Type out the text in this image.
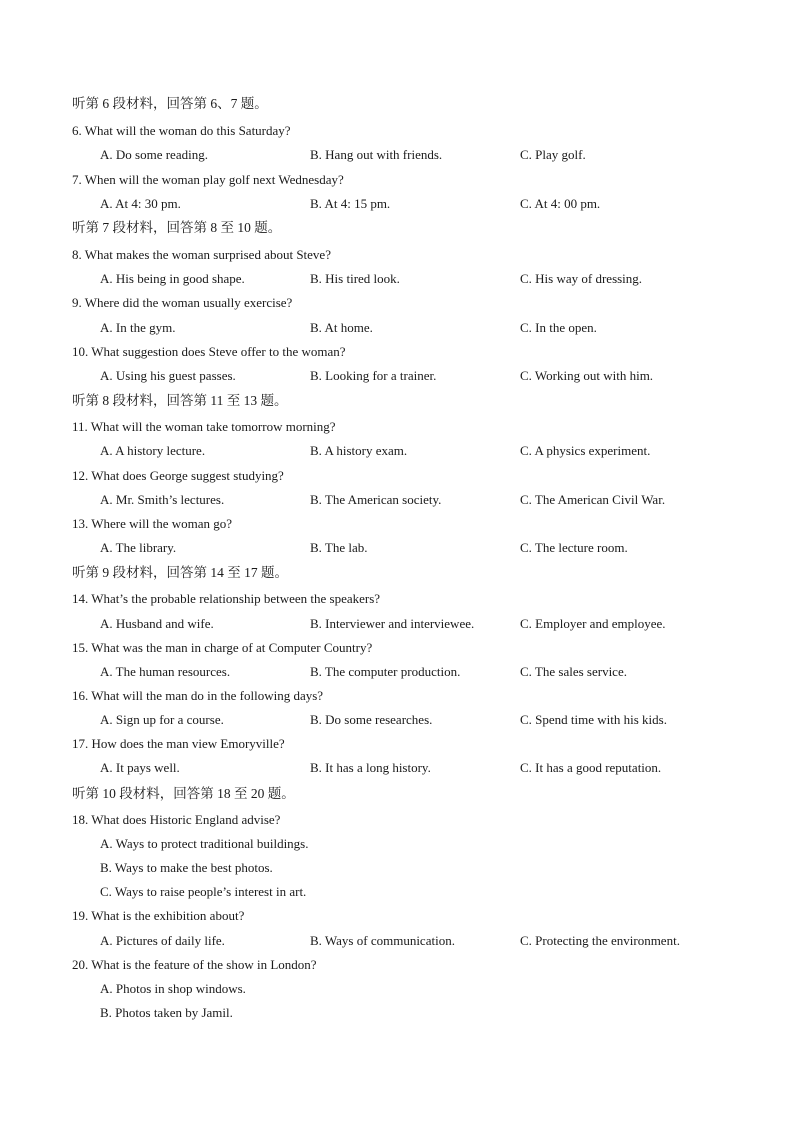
听第 6 段材料，回答第 6、7 题。
6. What will the woman do this Saturday?
A. Do some reading.	B. Hang out with friends.	C. Play golf.
7. When will the woman play golf next Wednesday?
A. At 4: 30 pm.	B. At 4: 15 pm.	C. At 4: 00 pm.
听第 7 段材料，回答第 8 至 10 题。
8. What makes the woman surprised about Steve?
A. His being in good shape.	B. His tired look.	C. His way of dressing.
9. Where did the woman usually exercise?
A. In the gym.	B. At home.	C. In the open.
10. What suggestion does Steve offer to the woman?
A. Using his guest passes.	B. Looking for a trainer.	C. Working out with him.
听第 8 段材料，回答第 11 至 13 题。
11. What will the woman take tomorrow morning?
A. A history lecture.	B. A history exam.	C. A physics experiment.
12. What does George suggest studying?
A. Mr. Smith’s lectures.	B. The American society.	C. The American Civil War.
13. Where will the woman go?
A. The library.	B. The lab.	C. The lecture room.
听第 9 段材料，回答第 14 至 17 题。
14. What’s the probable relationship between the speakers?
A. Husband and wife.	B. Interviewer and interviewee.	C. Employer and employee.
15. What was the man in charge of at Computer Country?
A. The human resources.	B. The computer production.	C. The sales service.
16. What will the man do in the following days?
A. Sign up for a course.	B. Do some researches.	C. Spend time with his kids.
17. How does the man view Emoryville?
A. It pays well.	B. It has a long history.	C. It has a good reputation.
听第 10 段材料，回答第 18 至 20 题。
18. What does Historic England advise?
A. Ways to protect traditional buildings.
B. Ways to make the best photos.
C. Ways to raise people’s interest in art.
19. What is the exhibition about?
A. Pictures of daily life.	B. Ways of communication.	C. Protecting the environment.
20. What is the feature of the show in London?
A. Photos in shop windows.
B. Photos taken by Jamil.
